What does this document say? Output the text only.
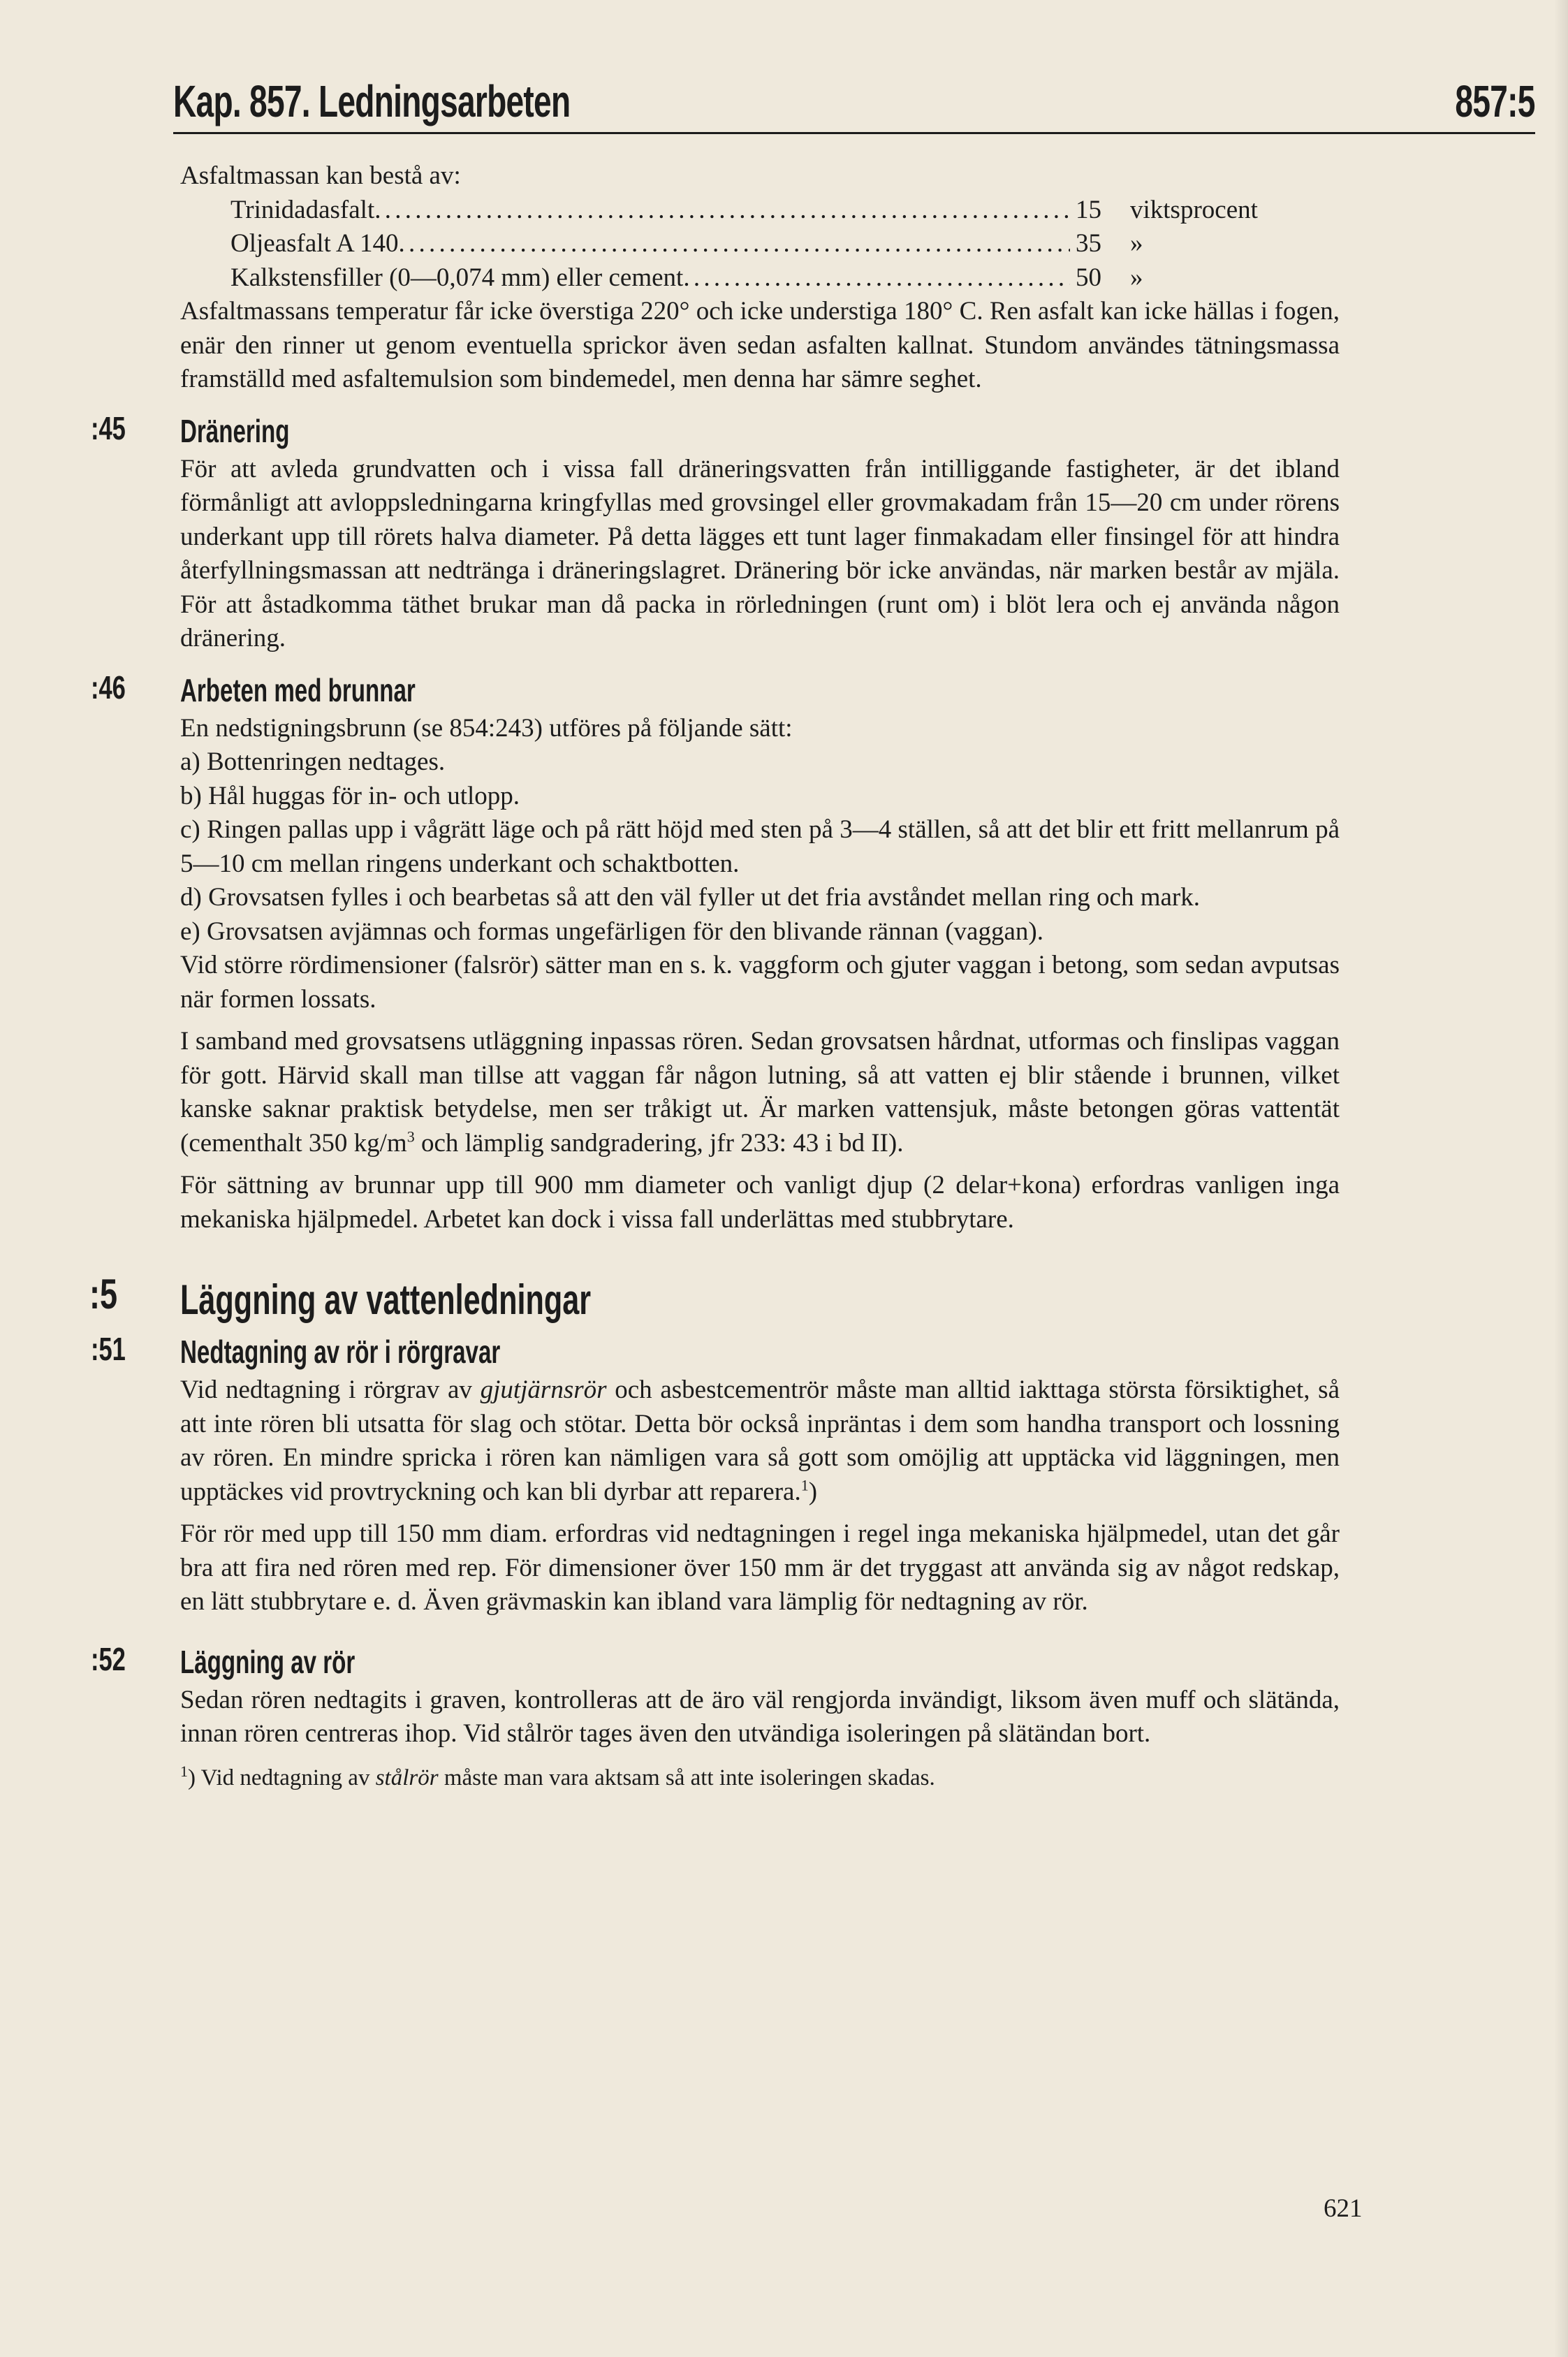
Kap. 857. Ledningsarbeten	857:5

Asfaltmassan kan bestå av:

Trinidadasfalt . . .	15	viktsprocent
Oljeasfalt A 140 . . .	35	»
Kalkstensfiller (0—0,074 mm) eller cement . . .	50	»

Asfaltmassans temperatur får icke överstiga 220° och icke understiga 180° C. Ren asfalt kan icke hällas i fogen, enär den rinner ut genom eventuella sprickor även sedan asfalten kallnat. Stundom användes tätningsmassa framställd med asfaltemulsion som bindemedel, men denna har sämre seghet.

:45 Dränering

För att avleda grundvatten och i vissa fall dräneringsvatten från intilliggande fastigheter, är det ibland förmånligt att avloppsledningarna kringfyllas med grovsingel eller grovmakadam från 15—20 cm under rörens underkant upp till rörets halva diameter. På detta lägges ett tunt lager finmakadam eller finsingel för att hindra återfyllningsmassan att nedtränga i dräneringslagret. Dränering bör icke användas, när marken består av mjäla. För att åstadkomma täthet brukar man då packa in rörledningen (runt om) i blöt lera och ej använda någon dränering.

:46 Arbeten med brunnar

En nedstigningsbrunn (se 854:243) utföres på följande sätt:

a) Bottenringen nedtages.
b) Hål huggas för in- och utlopp.
c) Ringen pallas upp i vågrätt läge och på rätt höjd med sten på 3—4 ställen, så att det blir ett fritt mellanrum på 5—10 cm mellan ringens underkant och schaktbotten.
d) Grovsatsen fylles i och bearbetas så att den väl fyller ut det fria avståndet mellan ring och mark.
e) Grovsatsen avjämnas och formas ungefärligen för den blivande rännan (vaggan).

Vid större rördimensioner (falsrör) sätter man en s. k. vaggform och gjuter vaggan i betong, som sedan avputsas när formen lossats.

I samband med grovsatsens utläggning inpassas rören. Sedan grovsatsen hårdnat, utformas och finslipas vaggan för gott. Härvid skall man tillse att vaggan får någon lutning, så att vatten ej blir stående i brunnen, vilket kanske saknar praktisk betydelse, men ser tråkigt ut. Är marken vattensjuk, måste betongen göras vattentät (cementhalt 350 $kg/m^3$ och lämplig sandgradering, jfr 233: 43 i bd II).

För sättning av brunnar upp till 900 mm diameter och vanligt djup (2 delar+kona) erfordras vanligen inga mekaniska hjälpmedel. Arbetet kan dock i vissa fall underlättas med stubbrytare.

:5 Läggning av vattenledningar
:51 Nedtagning av rör i rörgravar

Vid nedtagning i rörgrav av gjutjärnsrör och asbestcementrör måste man alltid iakttaga största försiktighet, så att inte rören bli utsatta för slag och stötar. Detta bör också inpräntas i dem som handha transport och lossning av rören. En mindre spricka i rören kan nämligen vara så gott som omöjlig att upptäcka vid läggningen, men upptäckes vid provtryckning och kan bli dyrbar att reparera.$^1$)

För rör med upp till 150 mm diam. erfordras vid nedtagningen i regel inga mekaniska hjälpmedel, utan det går bra att fira ned rören med rep. För dimensioner över 150 mm är det tryggast att använda sig av något redskap, en lätt stubbrytare e. d. Även grävmaskin kan ibland vara lämplig för nedtagning av rör.

:52 Läggning av rör

Sedan rören nedtagits i graven, kontrolleras att de äro väl rengjorda invändigt, liksom även muff och slätända, innan rören centreras ihop. Vid stålrör tages även den utvändiga isoleringen på slätändan bort.

$^1$) Vid nedtagning av stålrör måste man vara aktsam så att inte isoleringen skadas.
621
